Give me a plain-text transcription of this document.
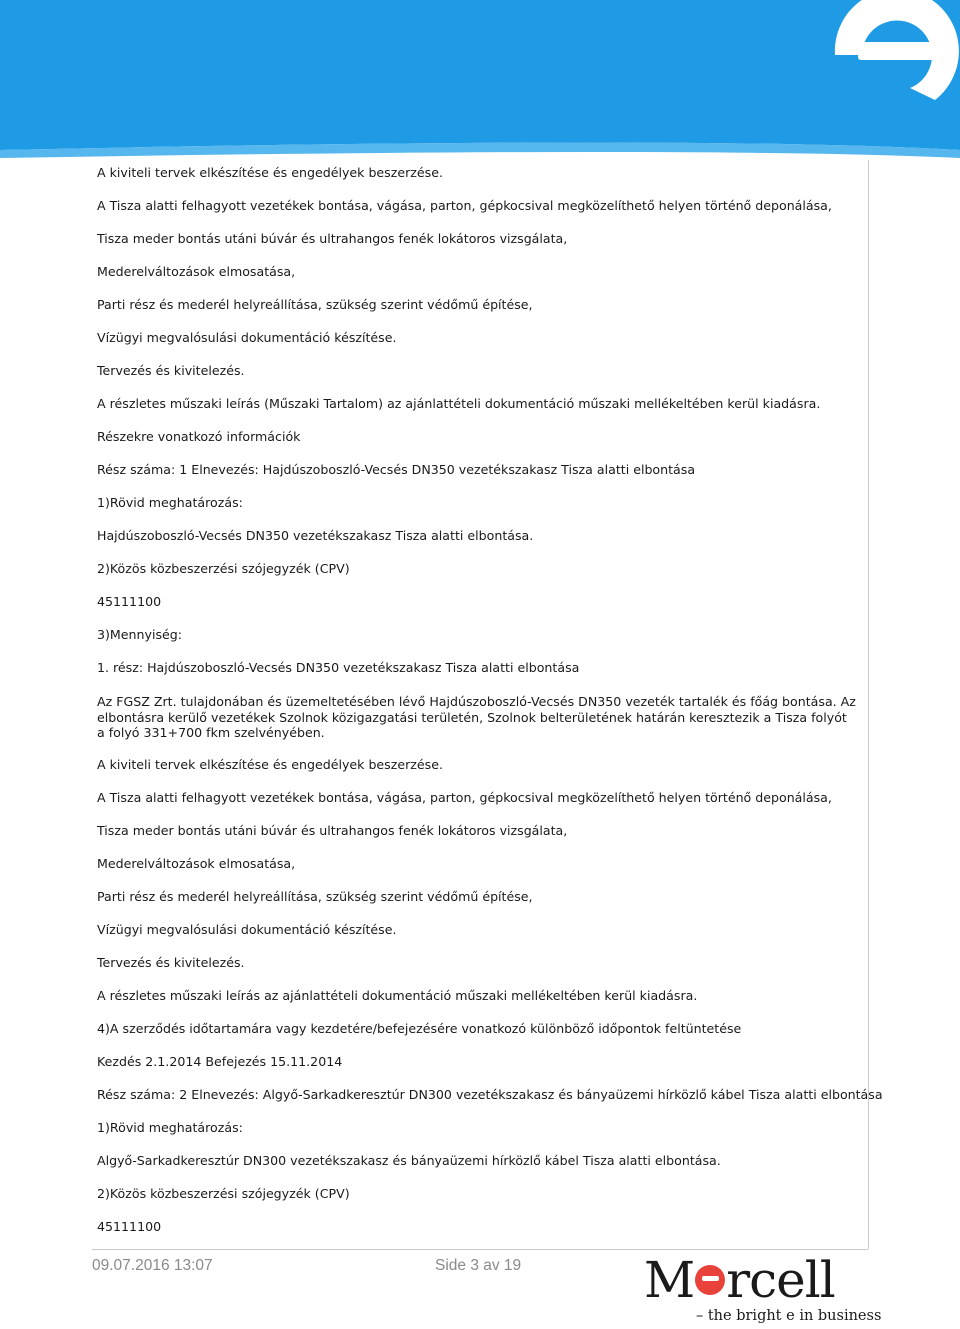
A kiviteli tervek elkészítése és engedélyek beszerzése.
A Tisza alatti felhagyott vezetékek bontása, vágása, parton, gépkocsival megközelíthető helyen történő deponálása,
Tisza meder bontás utáni búvár és ultrahangos fenék lokátoros vizsgálata,
Mederelváltozások elmosatása,
Parti rész és mederél helyreállítása, szükség szerint védőmű építése,
Vízügyi megvalósulási dokumentáció készítése.
Tervezés és kivitelezés.
A részletes műszaki leírás (Műszaki Tartalom) az ajánlattételi dokumentáció műszaki mellékeltében kerül kiadásra.
Részekre vonatkozó információk
Rész száma: 1 Elnevezés: Hajdúszoboszló-Vecsés DN350 vezetékszakasz Tisza alatti elbontása
1)Rövid meghatározás:
Hajdúszoboszló-Vecsés DN350 vezetékszakasz Tisza alatti elbontása.
2)Közös közbeszerzési szójegyzék (CPV)
45111100
3)Mennyiség:
1. rész: Hajdúszoboszló-Vecsés DN350 vezetékszakasz Tisza alatti elbontása
Az FGSZ Zrt. tulajdonában és üzemeltetésében lévő Hajdúszoboszló-Vecsés DN350 vezeték tartalék és főág bontása. Az elbontásra kerülő vezetékek Szolnok közigazgatási területén, Szolnok belterületének határán keresztezik a Tisza folyót a folyó 331+700 fkm szelvényében.
A kiviteli tervek elkészítése és engedélyek beszerzése.
A Tisza alatti felhagyott vezetékek bontása, vágása, parton, gépkocsival megközelíthető helyen történő deponálása,
Tisza meder bontás utáni búvár és ultrahangos fenék lokátoros vizsgálata,
Mederelváltozások elmosatása,
Parti rész és mederél helyreállítása, szükség szerint védőmű építése,
Vízügyi megvalósulási dokumentáció készítése.
Tervezés és kivitelezés.
A részletes műszaki leírás az ajánlattételi dokumentáció műszaki mellékeltében kerül kiadásra.
4)A szerződés időtartamára vagy kezdetére/befejezésére vonatkozó különböző időpontok feltüntetése
Kezdés 2.1.2014 Befejezés 15.11.2014
Rész száma: 2 Elnevezés: Algyő-Sarkadkeresztúr DN300 vezetékszakasz és bányaüzemi hírközlő kábel Tisza alatti elbontása
1)Rövid meghatározás:
Algyő-Sarkadkeresztúr DN300 vezetékszakasz és bányaüzemi hírközlő kábel Tisza alatti elbontása.
2)Közös közbeszerzési szójegyzék (CPV)
45111100
09.07.2016 13:07	Side 3 av 19 M rcell
– the bright e in business
